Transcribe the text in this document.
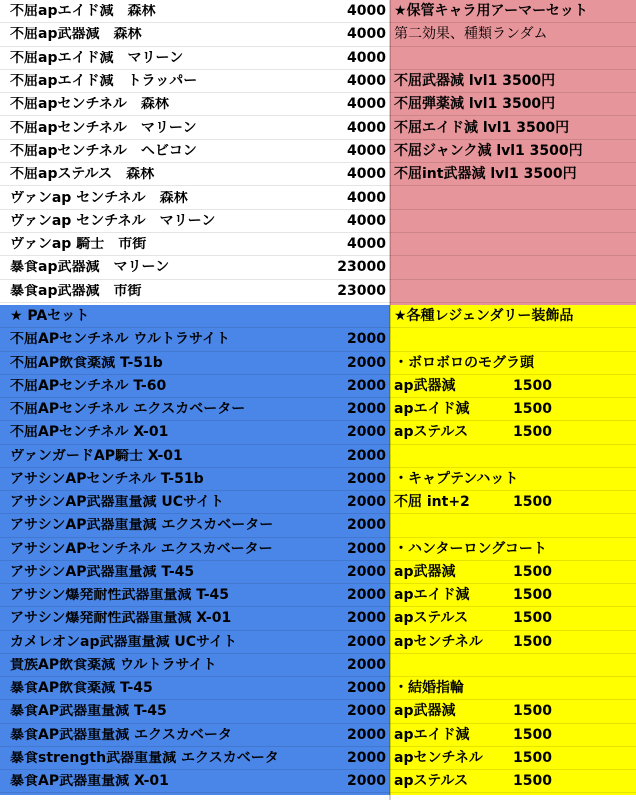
不屈apエイド減　森林	4000
不屈ap武器減　森林	4000
不屈apエイド減　マリーン	4000
不屈apエイド減　トラッパー	4000
不屈apセンチネル　森林	4000
不屈apセンチネル　マリーン	4000
不屈apセンチネル　ヘビコン	4000
不屈apステルス　森林	4000
ヴァンap センチネル　森林	4000
ヴァンap センチネル　マリーン	4000
ヴァンap 騎士　市街	4000
暴食ap武器減　マリーン	23000
暴食ap武器減　市街	23000
★保管キャラ用アーマーセット
第二効果、種類ランダム
不屈武器減 lvl1 3500円
不屈弾薬減 lvl1 3500円
不屈エイド減 lvl1 3500円
不屈ジャンク減 lvl1 3500円
不屈int武器減 lvl1 3500円
★ PAセット
不屈APセンチネル ウルトラサイト	2000
不屈AP飲食薬減 T-51b	2000
不屈APセンチネル T-60	2000
不屈APセンチネル エクスカベーター	2000
不屈APセンチネル X-01	2000
ヴァンガードAP騎士 X-01	2000
アサシンAPセンチネル T-51b	2000
アサシンAP武器重量減 UCサイト	2000
アサシンAP武器重量減 エクスカベーター	2000
アサシンAPセンチネル エクスカベーター	2000
アサシンAP武器重量減 T-45	2000
アサシン爆発耐性武器重量減 T-45	2000
アサシン爆発耐性武器重量減 X-01	2000
カメレオンap武器重量減 UCサイト	2000
貴族AP飲食薬減 ウルトラサイト	2000
暴食AP飲食薬減 T-45	2000
暴食AP武器重量減 T-45	2000
暴食AP武器重量減 エクスカベータ	2000
暴食strength武器重量減 エクスカベータ	2000
暴食AP武器重量減 X-01	2000
★各種レジェンダリー装飾品
・ボロボロのモグラ頭
ap武器減	1500
apエイド減	1500
apステルス	1500
・キャプテンハット
不屈 int+2	1500
・ハンターロングコート
ap武器減	1500
apエイド減	1500
apステルス	1500
apセンチネル	1500
・結婚指輪
ap武器減	1500
apエイド減	1500
apセンチネル	1500
apステルス	1500
